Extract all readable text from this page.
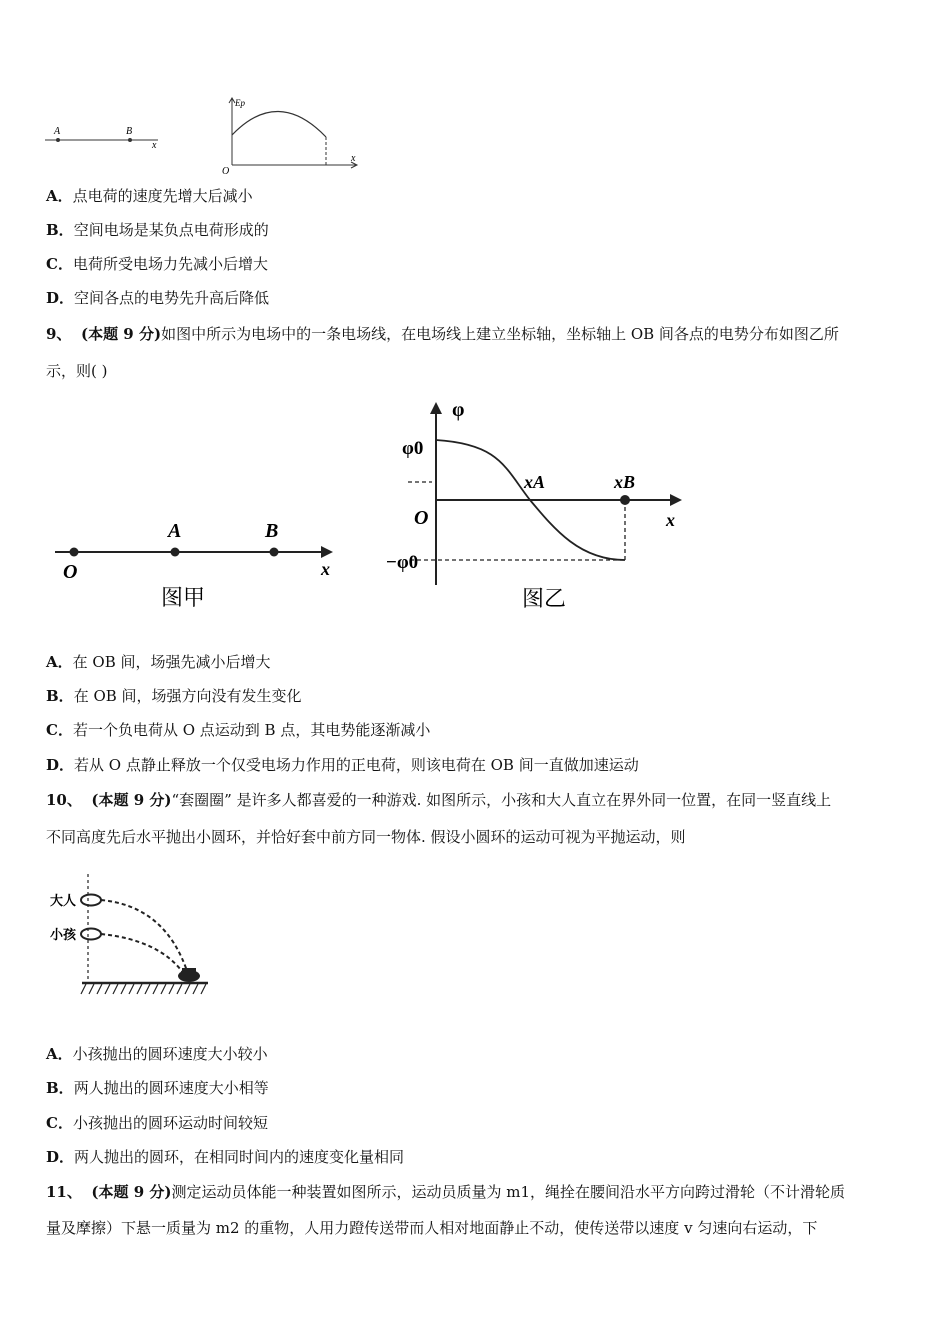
A	B
x
Ep
O
x
A．点电荷的速度先增大后减小
B．空间电场是某负点电荷形成的
C．电荷所受电场力先减小后增大
D．空间各点的电势先升高后降低
9、 (本题 9 分)如图中所示为电场中的一条电场线，在电场线上建立坐标轴，坐标轴上 OB 间各点的电势分布如图乙所
示，则( )
O
A	B
x
图甲
φ
φ0
O
xA	xB
x
−φ0
图乙
A．在 OB 间，场强先减小后增大
B．在 OB 间，场强方向没有发生变化
C．若一个负电荷从 O 点运动到 B 点，其电势能逐渐减小
D．若从 O 点静止释放一个仅受电场力作用的正电荷，则该电荷在 OB 间一直做加速运动
10、 (本题 9 分)“套圈圈” 是许多人都喜爱的一种游戏. 如图所示，小孩和大人直立在界外同一位置，在同一竖直线上
不同高度先后水平抛出小圆环，并恰好套中前方同一物体. 假设小圆环的运动可视为平抛运动，则
大人
小孩
A．小孩抛出的圆环速度大小较小
B．两人抛出的圆环速度大小相等
C．小孩抛出的圆环运动时间较短
D．两人抛出的圆环，在相同时间内的速度变化量相同
11、 (本题 9 分)测定运动员体能一种装置如图所示，运动员质量为 m1，绳拴在腰间沿水平方向跨过滑轮（不计滑轮质
量及摩擦）下悬一质量为 m2 的重物，人用力蹬传送带而人相对地面静止不动，使传送带以速度 v 匀速向右运动，下
